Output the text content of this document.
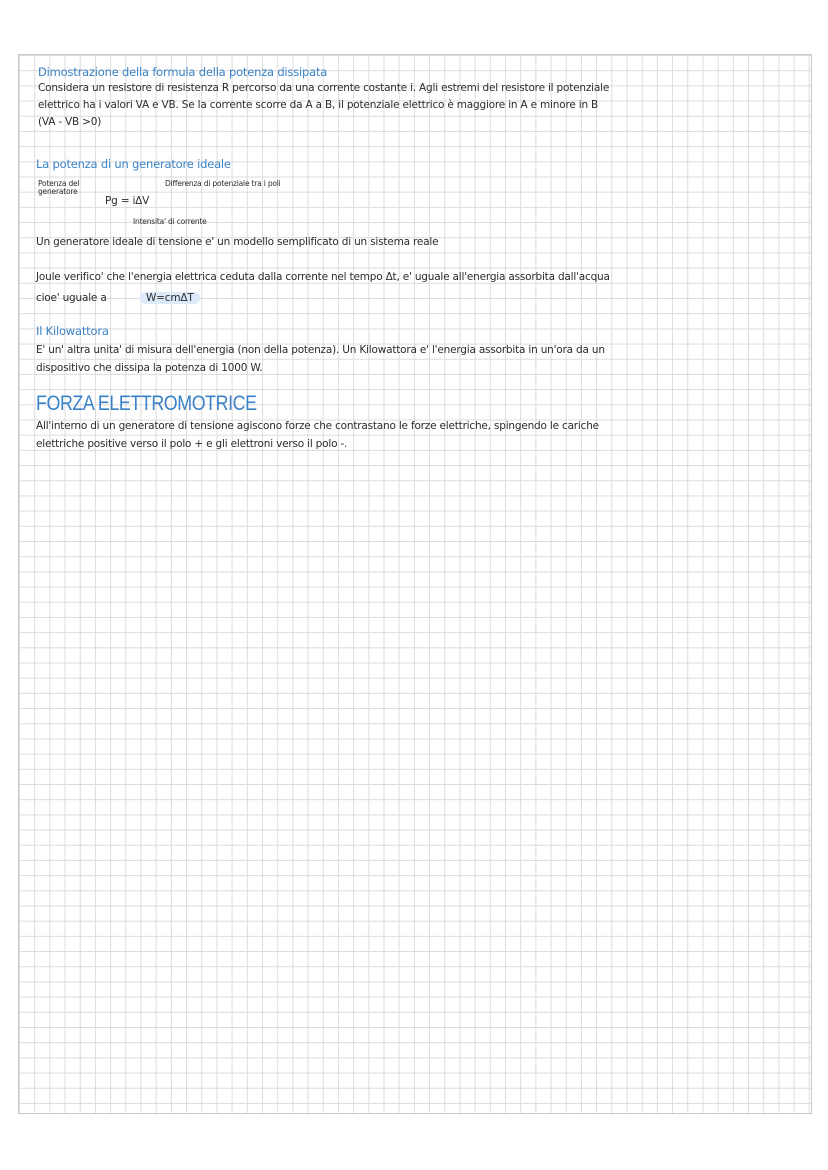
Dimostrazione della formula della potenza dissipata

Considera un resistore di resistenza R percorso da una corrente costante i. Agli estremi del resistore il potenziale

elettrico ha i valori VA e VB. Se la corrente scorre da A a B, il potenziale elettrico è maggiore in A e minore in B

(VA - VB >0)

La potenza di un generatore ideale

Potenza del generatore

Differenza di potenziale tra i poli

Pg = iΔV

Intensita' di corrente

Un generatore ideale di tensione e' un modello semplificato di un sistema reale

Joule verifico' che l'energia elettrica ceduta dalla corrente nel tempo Δt, e' uguale all'energia assorbita dall'acqua

cioe' uguale a	W=cmΔT

Il Kilowattora

E' un' altra unita' di misura dell'energia (non della potenza). Un Kilowattora e' l'energia assorbita in un'ora da un

dispositivo che dissipa la potenza di 1000 W.

FORZA ELETTROMOTRICE

All'interno di un generatore di tensione agiscono forze che contrastano le forze elettriche, spingendo le cariche

elettriche positive verso il polo + e gli elettroni verso il polo -.
